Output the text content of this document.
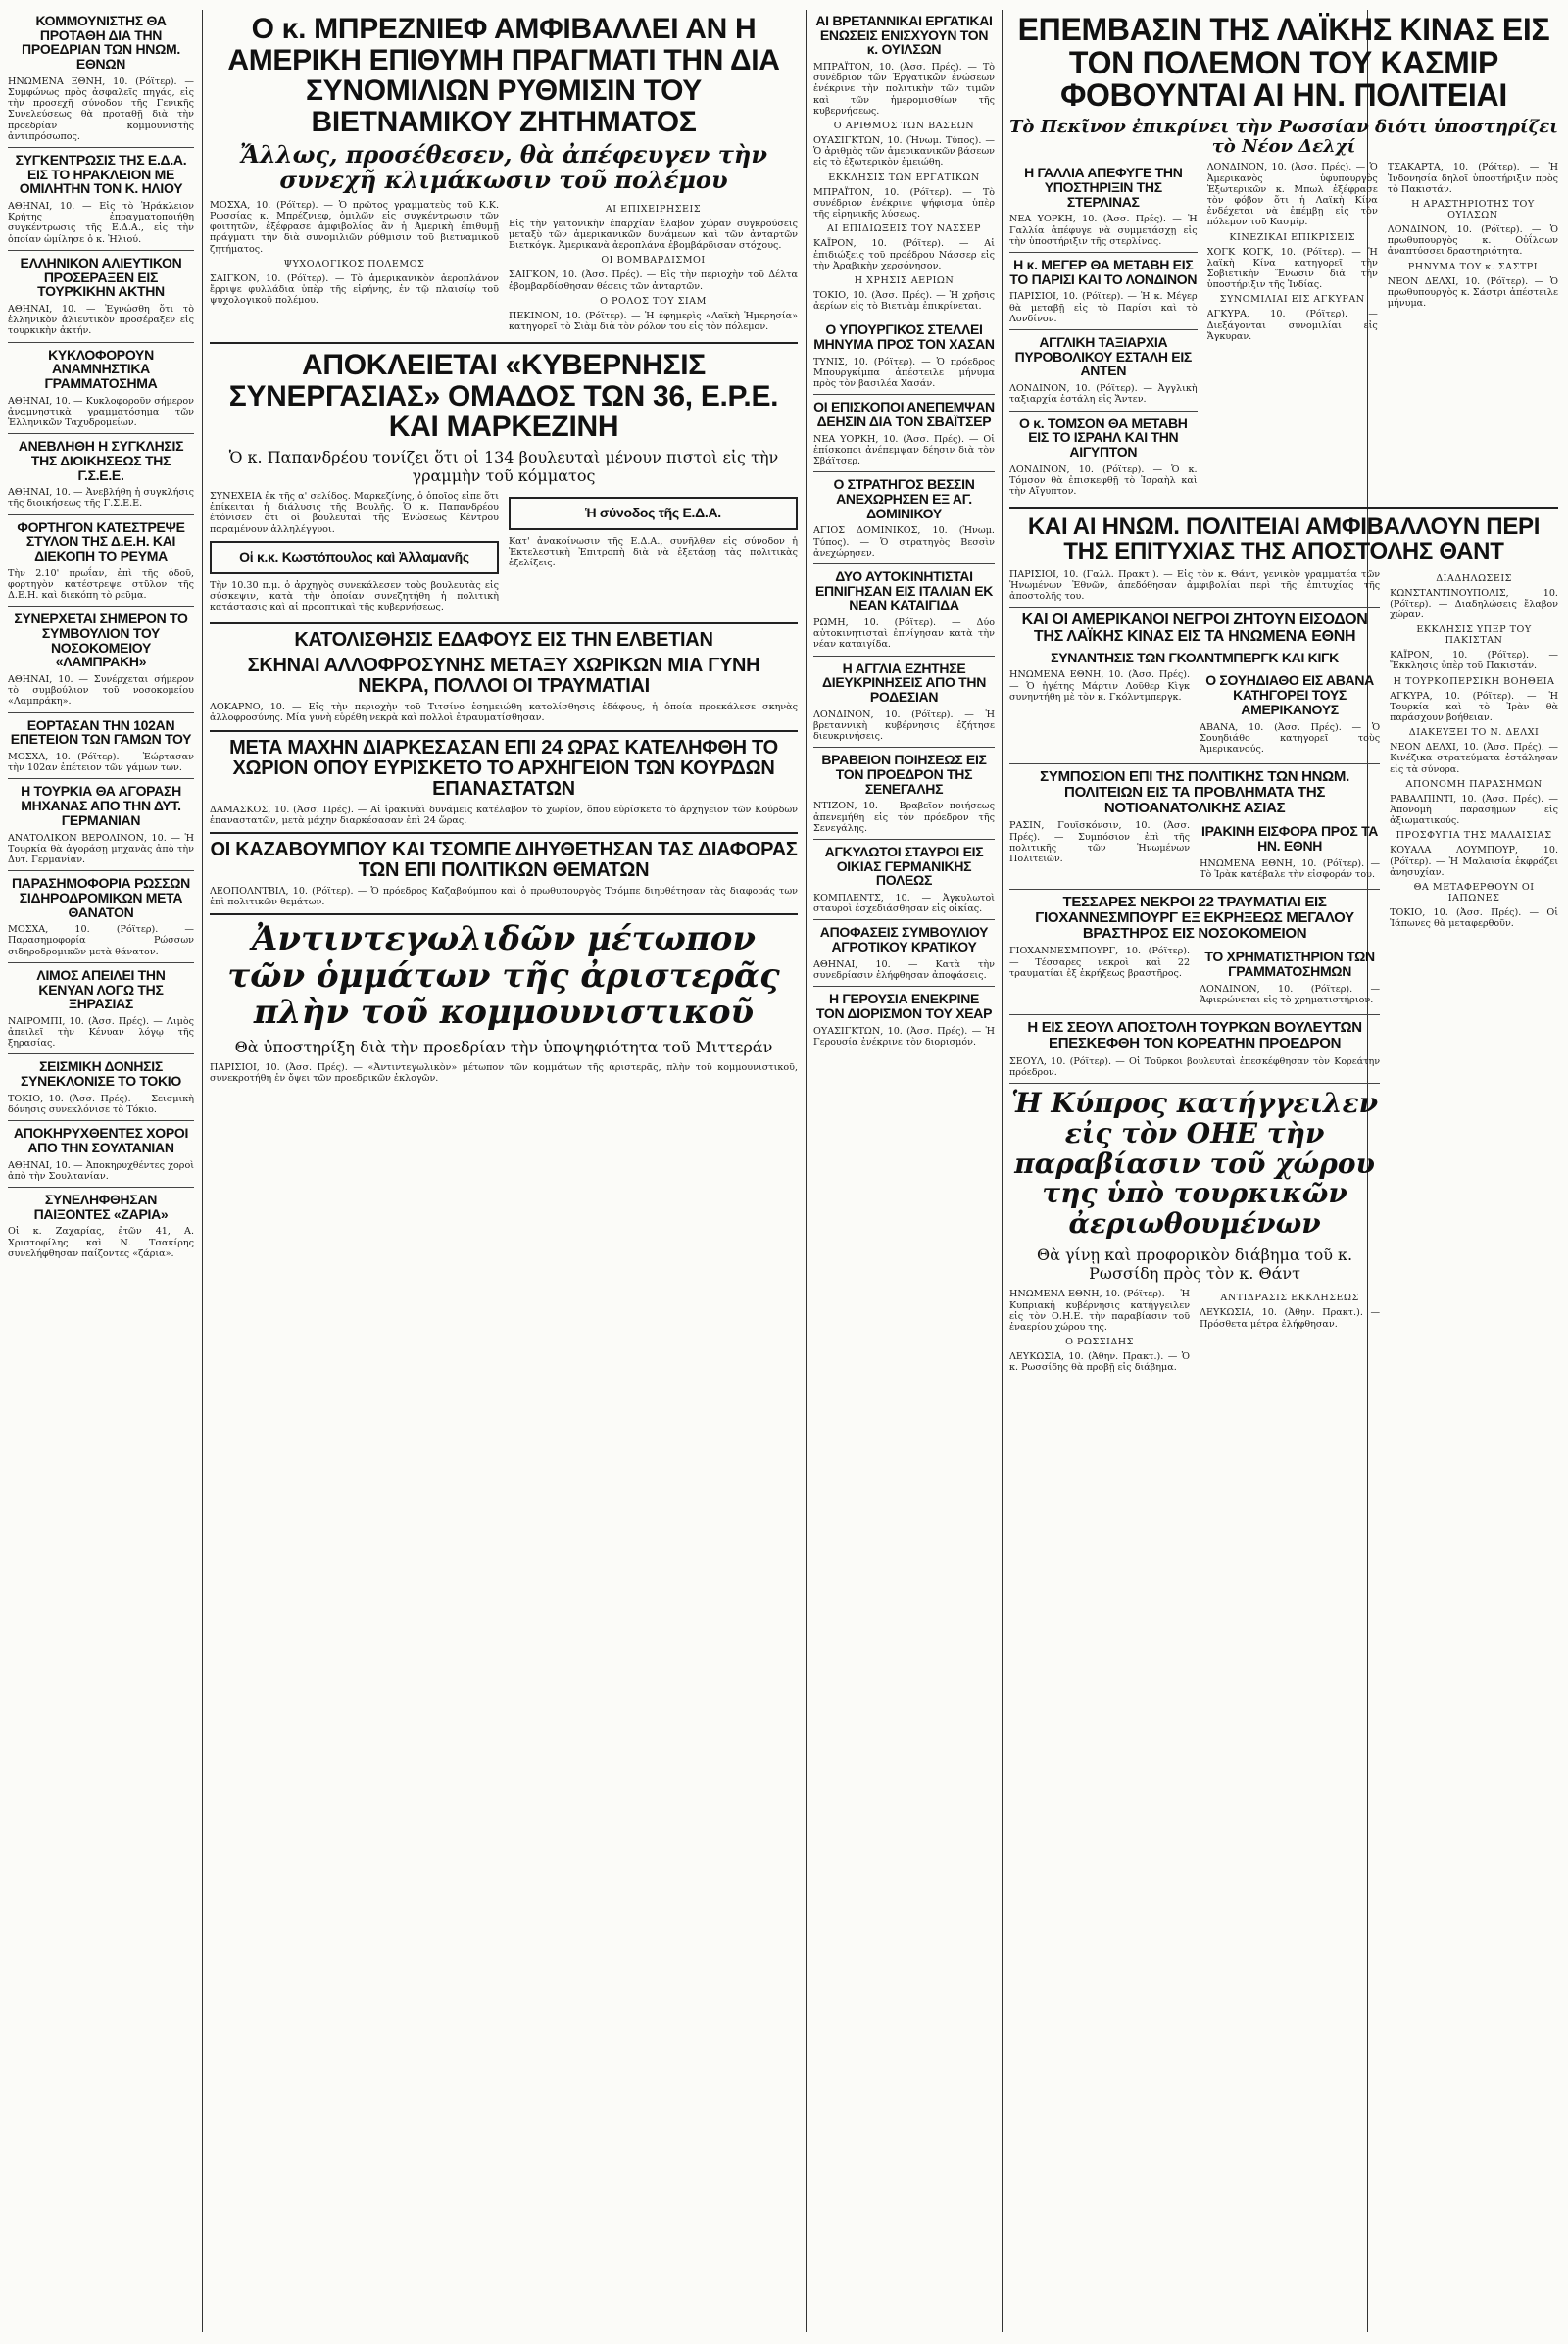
ΚΟΜΜΟΥΝΙΣΤΗΣ ΘΑ ΠΡΟΤΑΘΗ ΔΙΑ ΤΗΝ ΠΡΟΕΔΡΙΑΝ ΤΩΝ ΗΝΩΜ. ΕΘΝΩΝ

ΗΝΩΜΕΝΑ ΕΘΝΗ, 10. (Ρόϊτερ). — Συμφώνως πρὸς ἀσφαλεῖς πηγάς, εἰς τὴν προσεχῆ σύνοδον τῆς Γενικῆς Συνελεύσεως θὰ προταθῇ διὰ τὴν προεδρίαν κομμουνιστὴς ἀντιπρόσωπος.

ΣΥΓΚΕΝΤΡΩΣΙΣ ΤΗΣ Ε.Δ.Α. ΕΙΣ ΤΟ ΗΡΑΚΛΕΙΟΝ ΜΕ ΟΜΙΛΗΤΗΝ ΤΟΝ Κ. ΗΛΙΟΥ

ΑΘΗΝΑΙ, 10. — Εἰς τὸ Ἡράκλειον Κρήτης ἐπραγματοποιήθη συγκέντρωσις τῆς Ε.Δ.Α., εἰς τὴν ὁποίαν ὡμίλησε ὁ κ. Ἠλιού.

ΕΛΛΗΝΙΚΟΝ ΑΛΙΕΥΤΙΚΟΝ ΠΡΟΣΕΡΑΞΕΝ ΕΙΣ ΤΟΥΡΚΙΚΗΝ ΑΚΤΗΝ

ΑΘΗΝΑΙ, 10. — Ἐγνώσθη ὅτι τὸ ἑλληνικὸν ἁλιευτικὸν προσέραξεν εἰς τουρκικὴν ἀκτήν.

ΚΥΚΛΟΦΟΡΟΥΝ ΑΝΑΜΝΗΣΤΙΚΑ ΓΡΑΜΜΑΤΟΣΗΜΑ

ΑΘΗΝΑΙ, 10. — Κυκλοφοροῦν σήμερον ἀναμνηστικὰ γραμματόσημα τῶν Ἑλληνικῶν Ταχυδρομείων.

ΑΝΕΒΛΗΘΗ Η ΣΥΓΚΛΗΣΙΣ ΤΗΣ ΔΙΟΙΚΗΣΕΩΣ ΤΗΣ Γ.Σ.Ε.Ε.

ΑΘΗΝΑΙ, 10. — Ἀνεβλήθη ἡ συγκλήσις τῆς διοικήσεως τῆς Γ.Σ.Ε.Ε.

ΦΟΡΤΗΓΟΝ ΚΑΤΕΣΤΡΕΨΕ ΣΤΥΛΟΝ ΤΗΣ Δ.Ε.Η. ΚΑΙ ΔΙΕΚΟΠΗ ΤΟ ΡΕΥΜΑ

Τὴν 2.10' πρωΐαν, ἐπὶ τῆς ὁδοῦ, φορτηγὸν κατέστρεψε στῦλον τῆς Δ.Ε.Η. καὶ διεκόπη τὸ ρεῦμα.

ΣΥΝΕΡΧΕΤΑΙ ΣΗΜΕΡΟΝ ΤΟ ΣΥΜΒΟΥΛΙΟΝ ΤΟΥ ΝΟΣΟΚΟΜΕΙΟΥ «ΛΑΜΠΡΑΚΗ»

ΑΘΗΝΑΙ, 10. — Συνέρχεται σήμερον τὸ συμβούλιον τοῦ νοσοκομείου «Λαμπράκη».

ΕΟΡΤΑΣΑΝ ΤΗΝ 102ΑΝ ΕΠΕΤΕΙΟΝ ΤΩΝ ΓΑΜΩΝ ΤΟΥ

ΜΟΣΧΑ, 10. (Ρόϊτερ). — Ἑώρτασαν τὴν 102αν ἐπέτειον τῶν γάμων των.

Η ΤΟΥΡΚΙΑ ΘΑ ΑΓΟΡΑΣΗ ΜΗΧΑΝΑΣ ΑΠΟ ΤΗΝ ΔΥΤ. ΓΕΡΜΑΝΙΑΝ

ΑΝΑΤΟΛΙΚΟΝ ΒΕΡΟΛΙΝΟΝ, 10. — Ἡ Τουρκία θὰ ἀγοράσῃ μηχανὰς ἀπὸ τὴν Δυτ. Γερμανίαν.

ΠΑΡΑΣΗΜΟΦΟΡΙΑ ΡΩΣΣΩΝ ΣΙΔΗΡΟΔΡΟΜΙΚΩΝ ΜΕΤΑ ΘΑΝΑΤΟΝ

ΜΟΣΧΑ, 10. (Ρόϊτερ). — Παρασημοφορία Ρώσσων σιδηροδρομικῶν μετὰ θάνατον.

ΛΙΜΟΣ ΑΠΕΙΛΕΙ ΤΗΝ ΚΕΝΥΑΝ ΛΟΓΩ ΤΗΣ ΞΗΡΑΣΙΑΣ

ΝΑΙΡΟΜΠΙ, 10. (Ἀσσ. Πρές). — Λιμὸς ἀπειλεῖ τὴν Κένυαν λόγῳ τῆς ξηρασίας.

ΣΕΙΣΜΙΚΗ ΔΟΝΗΣΙΣ ΣΥΝΕΚΛΟΝΙΣΕ ΤΟ ΤΟΚΙΟ

ΤΟΚΙΟ, 10. (Ἀσσ. Πρές). — Σεισμικὴ δόνησις συνεκλόνισε τὸ Τόκιο.

ΑΠΟΚΗΡΥΧΘΕΝΤΕΣ ΧΟΡΟΙ ΑΠΟ ΤΗΝ ΣΟΥΛΤΑΝΙΑΝ

ΑΘΗΝΑΙ, 10. — Ἀποκηρυχθέντες χοροὶ ἀπὸ τὴν Σουλτανίαν.

ΣΥΝΕΛΗΦΘΗΣΑΝ ΠΑΙΞΟΝΤΕΣ «ΖΑΡΙΑ»

Οἱ κ. Ζαχαρίας, ἐτῶν 41, Α. Χριστοφίλης καὶ Ν. Τσακίρης συνελήφθησαν παίζοντες «ζάρια».

Ο κ. ΜΠΡΕΖΝΙΕΦ ΑΜΦΙΒΑΛΛΕΙ ΑΝ Η ΑΜΕΡΙΚΗ ΕΠΙΘΥΜΗ ΠΡΑΓΜΑΤΙ ΤΗΝ ΔΙΑ ΣΥΝΟΜΙΛΙΩΝ ΡΥΘΜΙΣΙΝ ΤΟΥ ΒΙΕΤΝΑΜΙΚΟΥ ΖΗΤΗΜΑΤΟΣ
Ἄλλως, προσέθεσεν, θὰ ἀπέφευγεν τὴν συνεχῆ κλιμάκωσιν τοῦ πολέμου

ΜΟΣΧΑ, 10. (Ρόϊτερ). — Ὁ πρῶτος γραμματεὺς τοῦ Κ.Κ. Ρωσσίας κ. Μπρέζνιεφ, ὁμιλῶν εἰς συγκέντρωσιν τῶν φοιτητῶν, ἐξέφρασε ἀμφιβολίας ἂν ἡ Ἀμερικὴ ἐπιθυμῇ πράγματι τὴν διὰ συνομιλιῶν ρύθμισιν τοῦ βιετναμικοῦ ζητήματος.

ΨΥΧΟΛΟΓΙΚΟΣ ΠΟΛΕΜΟΣ

ΣΑΙΓΚΟΝ, 10. (Ρόϊτερ). — Τὸ ἀμερικανικὸν ἀεροπλάνον ἔρριψε φυλλάδια ὑπὲρ τῆς εἰρήνης, ἐν τῷ πλαισίῳ τοῦ ψυχολογικοῦ πολέμου.

ΑΙ ΕΠΙΧΕΙΡΗΣΕΙΣ

Εἰς τὴν γειτονικὴν ἐπαρχίαν ἔλαβον χώραν συγκρούσεις μεταξὺ τῶν ἀμερικανικῶν δυνάμεων καὶ τῶν ἀνταρτῶν Βιετκόγκ. Ἀμερικανὰ ἀεροπλάνα ἐβομβάρδισαν στόχους.

ΟΙ ΒΟΜΒΑΡΔΙΣΜΟΙ

ΣΑΙΓΚΟΝ, 10. (Ἀσσ. Πρές). — Εἰς τὴν περιοχὴν τοῦ Δέλτα ἐβομβαρδίσθησαν θέσεις τῶν ἀνταρτῶν.

Ο ΡΟΛΟΣ ΤΟΥ ΣΙΑΜ

ΠΕΚΙΝΟΝ, 10. (Ρόϊτερ). — Ἡ ἐφημερὶς «Λαϊκὴ Ἡμερησία» κατηγορεῖ τὸ Σιὰμ διὰ τὸν ρόλον του εἰς τὸν πόλεμον.

ΑΠΟΚΛΕΙΕΤΑΙ «ΚΥΒΕΡΝΗΣΙΣ ΣΥΝΕΡΓΑΣΙΑΣ» ΟΜΑΔΟΣ ΤΩΝ 36, Ε.Ρ.Ε. ΚΑΙ ΜΑΡΚΕΖΙΝΗ
Ὁ κ. Παπανδρέου τονίζει ὅτι οἱ 134 βουλευταὶ μένουν πιστοὶ εἰς τὴν γραμμὴν τοῦ κόμματος

ΣΥΝΕΧΕΙΑ ἐκ τῆς α' σελίδος. Μαρκεζίνης, ὁ ὁποῖος εἶπε ὅτι ἐπίκειται ἡ διάλυσις τῆς Βουλῆς. Ὁ κ. Παπανδρέου ἐτόνισεν ὅτι οἱ βουλευταὶ τῆς Ἑνώσεως Κέντρου παραμένουν ἀλληλέγγυοι.

Οἱ κ.κ. Κωστόπουλος καὶ Ἀλλαμανῆς

Τὴν 10.30 π.μ. ὁ ἀρχηγὸς συνεκάλεσεν τοὺς βουλευτὰς εἰς σύσκεψιν, κατὰ τὴν ὁποίαν συνεζητήθη ἡ πολιτικὴ κατάστασις καὶ αἱ προοπτικαὶ τῆς κυβερνήσεως.

Ἡ σύνοδος τῆς Ε.Δ.Α.

Κατ' ἀνακοίνωσιν τῆς Ε.Δ.Α., συνῆλθεν εἰς σύνοδον ἡ Ἐκτελεστικὴ Ἐπιτροπὴ διὰ νὰ ἐξετάσῃ τὰς πολιτικὰς ἐξελίξεις.

ΚΑΤΟΛΙΣΘΗΣΙΣ ΕΔΑΦΟΥΣ ΕΙΣ ΤΗΝ ΕΛΒΕΤΙΑΝ
ΣΚΗΝΑΙ ΑΛΛΟΦΡΟΣΥΝΗΣ ΜΕΤΑΞΥ ΧΩΡΙΚΩΝ ΜΙΑ ΓΥΝΗ ΝΕΚΡΑ, ΠΟΛΛΟΙ ΟΙ ΤΡΑΥΜΑΤΙΑΙ

ΛΟΚΑΡΝΟ, 10. — Εἰς τὴν περιοχὴν τοῦ Τιτσίνο ἐσημειώθη κατολίσθησις ἐδάφους, ἡ ὁποία προεκάλεσε σκηνὰς ἀλλοφροσύνης. Μία γυνὴ εὑρέθη νεκρὰ καὶ πολλοὶ ἐτραυματίσθησαν.

ΜΕΤΑ ΜΑΧΗΝ ΔΙΑΡΚΕΣΑΣΑΝ ΕΠΙ 24 ΩΡΑΣ ΚΑΤΕΛΗΦΘΗ ΤΟ ΧΩΡΙΟΝ ΟΠΟΥ ΕΥΡΙΣΚΕΤΟ ΤΟ ΑΡΧΗΓΕΙΟΝ ΤΩΝ ΚΟΥΡΔΩΝ ΕΠΑΝΑΣΤΑΤΩΝ

ΔΑΜΑΣΚΟΣ, 10. (Ἀσσ. Πρές). — Αἱ ἰρακινὰὶ δυνάμεις κατέλαβον τὸ χωρίον, ὅπου εὑρίσκετο τὸ ἀρχηγεῖον τῶν Κούρδων ἐπαναστατῶν, μετὰ μάχην διαρκέσασαν ἐπὶ 24 ὥρας.

ΟΙ ΚΑΖΑΒΟΥΜΠΟΥ ΚΑΙ ΤΣΟΜΠΕ ΔΙΗΥΘΕΤΗΣΑΝ ΤΑΣ ΔΙΑΦΟΡΑΣ ΤΩΝ ΕΠΙ ΠΟΛΙΤΙΚΩΝ ΘΕΜΑΤΩΝ

ΛΕΟΠΟΛΝΤΒΙΛ, 10. (Ρόϊτερ). — Ὁ πρόεδρος Καζαβούμπου καὶ ὁ πρωθυπουργὸς Τσόμπε διηυθέτησαν τὰς διαφοράς των ἐπὶ πολιτικῶν θεμάτων.

Ἀντιντεγωλιδῶν μέτωπον τῶν ὁμμάτων τῆς ἀριστερᾶς πλὴν τοῦ κομμουνιστικοῦ
Θὰ ὑποστηρίξη διὰ τὴν προεδρίαν τὴν ὑποψηφιότητα τοῦ Μιττεράν

ΠΑΡΙΣΙΟΙ, 10. (Ἀσσ. Πρές). — «Ἀντιντεγωλικὸν» μέτωπον τῶν κομμάτων τῆς ἀριστερᾶς, πλὴν τοῦ κομμουνιστικοῦ, συνεκροτήθη ἐν ὄψει τῶν προεδρικῶν ἐκλογῶν.

ΑΙ ΒΡΕΤΑΝΝΙΚΑΙ ΕΡΓΑΤΙΚΑΙ ΕΝΩΣΕΙΣ ΕΝΙΣΧΥΟΥΝ ΤΟΝ κ. ΟΥΙΛΣΩΝ

ΜΠΡΑΪΤΟΝ, 10. (Ἀσσ. Πρές). — Τὸ συνέδριον τῶν Ἐργατικῶν ἑνώσεων ἐνέκρινε τὴν πολιτικὴν τῶν τιμῶν καὶ τῶν ἡμερομισθίων τῆς κυβερνήσεως.

Ο ΑΡΙΘΜΟΣ ΤΩΝ ΒΑΣΕΩΝ

ΟΥΑΣΙΓΚΤΩΝ, 10. (Ἠνωμ. Τύπος). — Ὁ ἀριθμὸς τῶν ἀμερικανικῶν βάσεων εἰς τὸ ἐξωτερικὸν ἐμειώθη.

ΕΚΚΛΗΣΙΣ ΤΩΝ ΕΡΓΑΤΙΚΩΝ

ΜΠΡΑΪΤΟΝ, 10. (Ρόϊτερ). — Τὸ συνέδριον ἐνέκρινε ψήφισμα ὑπὲρ τῆς εἰρηνικῆς λύσεως.

ΑΙ ΕΠΙΔΙΩΞΕΙΣ ΤΟΥ ΝΑΣΣΕΡ

ΚΑΪΡΟΝ, 10. (Ρόϊτερ). — Αἱ ἐπιδιώξεις τοῦ προέδρου Νάσσερ εἰς τὴν Ἀραβικὴν χερσόνησον.

Η ΧΡΗΣΙΣ ΑΕΡΙΩΝ

ΤΟΚΙΟ, 10. (Ἀσσ. Πρές). — Ἡ χρῆσις ἀερίων εἰς τὸ Βιετνὰμ ἐπικρίνεται.

Ο ΥΠΟΥΡΓΙΚΟΣ ΣΤΕΛΛΕΙ ΜΗΝΥΜΑ ΠΡΟΣ ΤΟΝ ΧΑΣΑΝ

ΤΥΝΙΣ, 10. (Ρόϊτερ). — Ὁ πρόεδρος Μπουργκίμπα ἀπέστειλε μήνυμα πρὸς τὸν βασιλέα Χασάν.

ΟΙ ΕΠΙΣΚΟΠΟΙ ΑΝΕΠΕΜΨΑΝ ΔΕΗΣΙΝ ΔΙΑ ΤΟΝ ΣΒΑΪΤΣΕΡ

ΝΕΑ ΥΟΡΚΗ, 10. (Ἀσσ. Πρές). — Οἱ ἐπίσκοποι ἀνέπεμψαν δέησιν διὰ τὸν Σβάϊτσερ.

Ο ΣΤΡΑΤΗΓΟΣ ΒΕΣΣΙΝ ΑΝΕΧΩΡΗΣΕΝ ΕΞ ΑΓ. ΔΟΜΙΝΙΚΟΥ

ΑΓΙΟΣ ΔΟΜΙΝΙΚΟΣ, 10. (Ἠνωμ. Τύπος). — Ὁ στρατηγὸς Βεσσὶν ἀνεχώρησεν.

ΔΥΟ ΑΥΤΟΚΙΝΗΤΙΣΤΑΙ ΕΠΝΙΓΗΣΑΝ ΕΙΣ ΙΤΑΛΙΑΝ ΕΚ ΝΕΑΝ ΚΑΤΑΙΓΙΔΑ

ΡΩΜΗ, 10. (Ρόϊτερ). — Δύο αὐτοκινητισταὶ ἐπνίγησαν κατὰ τὴν νέαν καταιγίδα.

Η ΑΓΓΛΙΑ ΕΖΗΤΗΣΕ ΔΙΕΥΚΡΙΝΗΣΕΙΣ ΑΠΟ ΤΗΝ ΡΟΔΕΣΙΑΝ

ΛΟΝΔΙΝΟΝ, 10. (Ρόϊτερ). — Ἡ βρεταννικὴ κυβέρνησις ἐζήτησε διευκρινήσεις.

ΒΡΑΒΕΙΟΝ ΠΟΙΗΣΕΩΣ ΕΙΣ ΤΟΝ ΠΡΟΕΔΡΟΝ ΤΗΣ ΣΕΝΕΓΑΛΗΣ

ΝΤΙΖΟΝ, 10. — Βραβεῖον ποιήσεως ἀπενεμήθη εἰς τὸν πρόεδρον τῆς Σενεγάλης.

ΑΓΚΥΛΩΤΟΙ ΣΤΑΥΡΟΙ ΕΙΣ ΟΙΚΙΑΣ ΓΕΡΜΑΝΙΚΗΣ ΠΟΛΕΩΣ

ΚΟΜΠΛΕΝΤΣ, 10. — Ἀγκυλωτοὶ σταυροὶ ἐσχεδιάσθησαν εἰς οἰκίας.

ΑΠΟΦΑΣΕΙΣ ΣΥΜΒΟΥΛΙΟΥ ΑΓΡΟΤΙΚΟΥ ΚΡΑΤΙΚΟΥ

ΑΘΗΝΑΙ, 10. — Κατὰ τὴν συνεδρίασιν ἐλήφθησαν ἀποφάσεις.

Η ΓΕΡΟΥΣΙΑ ΕΝΕΚΡΙΝΕ ΤΟΝ ΔΙΟΡΙΣΜΟΝ ΤΟΥ ΧΕΑΡ

ΟΥΑΣΙΓΚΤΩΝ, 10. (Ἀσσ. Πρές). — Ἡ Γερουσία ἐνέκρινε τὸν διορισμόν.

ΕΠΕΜΒΑΣΙΝ ΤΗΣ ΛΑΪΚΗΣ ΚΙΝΑΣ ΕΙΣ ΤΟΝ ΠΟΛΕΜΟΝ ΤΟΥ ΚΑΣΜΙΡ ΦΟΒΟΥΝΤΑΙ ΑΙ ΗΝ. ΠΟΛΙΤΕΙΑΙ
Τὸ Πεκῖνον ἐπικρίνει τὴν Ρωσσίαν διότι ὑποστηρίζει τὸ Νέον Δελχί
Η ΓΑΛΛΙΑ ΑΠΕΦΥΓΕ ΤΗΝ ΥΠΟΣΤΗΡΙΞΙΝ ΤΗΣ ΣΤΕΡΛΙΝΑΣ

ΝΕΑ ΥΟΡΚΗ, 10. (Ἀσσ. Πρές). — Ἡ Γαλλία ἀπέφυγε νὰ συμμετάσχῃ εἰς τὴν ὑποστήριξιν τῆς στερλίνας.

Η κ. ΜΕΓΕΡ ΘΑ ΜΕΤΑΒΗ ΕΙΣ ΤΟ ΠΑΡΙΣΙ ΚΑΙ ΤΟ ΛΟΝΔΙΝΟΝ

ΠΑΡΙΣΙΟΙ, 10. (Ρόϊτερ). — Ἡ κ. Μέγερ θὰ μεταβῇ εἰς τὸ Παρίσι καὶ τὸ Λονδίνον.

ΑΓΓΛΙΚΗ ΤΑΞΙΑΡΧΙΑ ΠΥΡΟΒΟΛΙΚΟΥ ΕΣΤΑΛΗ ΕΙΣ ΑΝΤΕΝ

ΛΟΝΔΙΝΟΝ, 10. (Ρόϊτερ). — Ἀγγλικὴ ταξιαρχία ἐστάλη εἰς Ἄντεν.

Ο κ. ΤΟΜΣΟΝ ΘΑ ΜΕΤΑΒΗ ΕΙΣ ΤΟ ΙΣΡΑΗΛ ΚΑΙ ΤΗΝ ΑΙΓΥΠΤΟΝ

ΛΟΝΔΙΝΟΝ, 10. (Ρόϊτερ). — Ὁ κ. Τόμσον θὰ ἐπισκεφθῇ τὸ Ἰσραὴλ καὶ τὴν Αἴγυπτον.

ΛΟΝΔΙΝΟΝ, 10. (Ἀσσ. Πρές). — Ὁ Ἀμερικανὸς ὑφυπουργὸς Ἐξωτερικῶν κ. Μπωλ ἐξέφρασε τὸν φόβον ὅτι ἡ Λαϊκὴ Κίνα ἐνδέχεται νὰ ἐπέμβῃ εἰς τὸν πόλεμον τοῦ Κασμίρ.

ΚΙΝΕΖΙΚΑΙ ΕΠΙΚΡΙΣΕΙΣ

ΧΟΓΚ ΚΟΓΚ, 10. (Ρόϊτερ). — Ἡ λαϊκὴ Κίνα κατηγορεῖ τὴν Σοβιετικὴν Ἕνωσιν διὰ τὴν ὑποστήριξιν τῆς Ἰνδίας.

ΣΥΝΟΜΙΛΙΑΙ ΕΙΣ ΑΓΚΥΡΑΝ

ΑΓΚΥΡΑ, 10. (Ρόϊτερ). — Διεξάγονται συνομιλίαι εἰς Ἄγκυραν.

ΤΣΑΚΑΡΤΑ, 10. (Ρόϊτερ). — Ἡ Ἰνδονησία δηλοῖ ὑποστήριξιν πρὸς τὸ Πακιστάν.

Η ΑΡΑΣΤΗΡΙΟΤΗΣ ΤΟΥ ΟΥΙΛΣΩΝ

ΛΟΝΔΙΝΟΝ, 10. (Ρόϊτερ). — Ὁ πρωθυπουργὸς κ. Οὐΐλσων ἀναπτύσσει δραστηριότητα.

ΡΗΝΥΜΑ ΤΟΥ κ. ΣΑΣΤΡΙ

ΝΕΟΝ ΔΕΛΧΙ, 10. (Ρόϊτερ). — Ὁ πρωθυπουργὸς κ. Σάστρι ἀπέστειλε μήνυμα.

ΚΑΙ ΑΙ ΗΝΩΜ. ΠΟΛΙΤΕΙΑΙ ΑΜΦΙΒΑΛΛΟΥΝ ΠΕΡΙ ΤΗΣ ΕΠΙΤΥΧΙΑΣ ΤΗΣ ΑΠΟΣΤΟΛΗΣ ΘΑΝΤ

ΠΑΡΙΣΙΟΙ, 10. (Γαλλ. Πρακτ.). — Εἰς τὸν κ. Θάντ, γενικὸν γραμματέα τῶν Ἡνωμένων Ἐθνῶν, ἀπεδόθησαν ἀμφιβολίαι περὶ τῆς ἐπιτυχίας τῆς ἀποστολῆς του.

ΚΑΙ ΟΙ ΑΜΕΡΙΚΑΝΟΙ ΝΕΓΡΟΙ ΖΗΤΟΥΝ ΕΙΣΟΔΟΝ ΤΗΣ ΛΑΪΚΗΣ ΚΙΝΑΣ ΕΙΣ ΤΑ ΗΝΩΜΕΝΑ ΕΘΝΗ
ΣΥΝΑΝΤΗΣΙΣ ΤΩΝ ΓΚΟΛΝΤΜΠΕΡΓΚ ΚΑΙ ΚΙΓΚ

ΗΝΩΜΕΝΑ ΕΘΝΗ, 10. (Ἀσσ. Πρές). — Ὁ ἡγέτης Μάρτιν Λοῦθερ Κὶγκ συνηντήθη μὲ τὸν κ. Γκόλντμπεργκ.

Ο ΣΟΥΗΔΙΑΘΟ ΕΙΣ ΑΒΑΝΑ ΚΑΤΗΓΟΡΕΙ ΤΟΥΣ ΑΜΕΡΙΚΑΝΟΥΣ

ΑΒΑΝΑ, 10. (Ἀσσ. Πρές). — Ὁ Σουηδιάθο κατηγορεῖ τοὺς Ἀμερικανούς.

ΣΥΜΠΟΣΙΟΝ ΕΠΙ ΤΗΣ ΠΟΛΙΤΙΚΗΣ ΤΩΝ ΗΝΩΜ. ΠΟΛΙΤΕΙΩΝ ΕΙΣ ΤΑ ΠΡΟΒΛΗΜΑΤΑ ΤΗΣ ΝΟΤΙΟΑΝΑΤΟΛΙΚΗΣ ΑΣΙΑΣ

ΡΑΣΙΝ, Γουϊσκόνσιν, 10. (Ἀσσ. Πρές). — Συμπόσιον ἐπὶ τῆς πολιτικῆς τῶν Ἡνωμένων Πολιτειῶν.

ΙΡΑΚΙΝΗ ΕΙΣΦΟΡΑ ΠΡΟΣ ΤΑ ΗΝ. ΕΘΝΗ

ΗΝΩΜΕΝΑ ΕΘΝΗ, 10. (Ρόϊτερ). — Τὸ Ἰρὰκ κατέβαλε τὴν εἰσφοράν του.

ΤΕΣΣΑΡΕΣ ΝΕΚΡΟΙ 22 ΤΡΑΥΜΑΤΙΑΙ ΕΙΣ ΓΙΟΧΑΝΝΕΣΜΠΟΥΡΓ ΕΞ ΕΚΡΗΞΕΩΣ ΜΕΓΑΛΟΥ ΒΡΑΣΤΗΡΟΣ ΕΙΣ ΝΟΣΟΚΟΜΕΙΟΝ

ΓΙΟΧΑΝΝΕΣΜΠΟΥΡΓ, 10. (Ρόϊτερ). — Τέσσαρες νεκροὶ καὶ 22 τραυματίαι ἐξ ἐκρήξεως βραστῆρος.

ΤΟ ΧΡΗΜΑΤΙΣΤΗΡΙΟΝ ΤΩΝ ΓΡΑΜΜΑΤΟΣΗΜΩΝ

ΛΟΝΔΙΝΟΝ, 10. (Ρόϊτερ). — Ἀφιερώνεται εἰς τὸ χρηματιστήριον.

Η ΕΙΣ ΣΕΟΥΛ ΑΠΟΣΤΟΛΗ ΤΟΥΡΚΩΝ ΒΟΥΛΕΥΤΩΝ ΕΠΕΣΚΕΦΘΗ ΤΟΝ ΚΟΡΕΑΤΗΝ ΠΡΟΕΔΡΟΝ

ΣΕΟΥΛ, 10. (Ρόϊτερ). — Οἱ Τοῦρκοι βουλευταὶ ἐπεσκέφθησαν τὸν Κορεάτην πρόεδρον.

Ἡ Κύπρος κατήγγειλεν εἰς τὸν ΟΗΕ τὴν παραβίασιν τοῦ χώρου της ὑπὸ τουρκικῶν ἀεριωθουμένων
Θὰ γίνῃ καὶ προφορικὸν διάβημα τοῦ κ. Ρωσσίδη πρὸς τὸν κ. Θάντ

ΗΝΩΜΕΝΑ ΕΘΝΗ, 10. (Ρόϊτερ). — Ἡ Κυπριακὴ κυβέρνησις κατήγγειλεν εἰς τὸν Ο.Η.Ε. τὴν παραβίασιν τοῦ ἐναερίου χώρου της.

Ο ΡΩΣΣΙΔΗΣ

ΛΕΥΚΩΣΙΑ, 10. (Ἀθην. Πρακτ.). — Ὁ κ. Ρωσσίδης θὰ προβῇ εἰς διάβημα.

ΑΝΤΙΔΡΑΣΙΣ ΕΚΚΛΗΣΕΩΣ

ΛΕΥΚΩΣΙΑ, 10. (Ἀθην. Πρακτ.). — Πρόσθετα μέτρα ἐλήφθησαν.

ΔΙΑΔΗΛΩΣΕΙΣ

ΚΩΝΣΤΑΝΤΙΝΟΥΠΟΛΙΣ, 10. (Ρόϊτερ). — Διαδηλώσεις ἔλαβον χώραν.

ΕΚΚΛΗΣΙΣ ΥΠΕΡ ΤΟΥ ΠΑΚΙΣΤΑΝ

ΚΑΪΡΟΝ, 10. (Ρόϊτερ). — Ἔκκλησις ὑπὲρ τοῦ Πακιστάν.

Η ΤΟΥΡΚΟΠΕΡΣΙΚΗ ΒΟΗΘΕΙΑ

ΑΓΚΥΡΑ, 10. (Ρόϊτερ). — Ἡ Τουρκία καὶ τὸ Ἰρὰν θὰ παράσχουν βοήθειαν.

ΔΙΑΚΕΥΞΕΙ ΤΟ Ν. ΔΕΛΧΙ

ΝΕΟΝ ΔΕΛΧΙ, 10. (Ἀσσ. Πρές). — Κινέζικα στρατεύματα ἐστάλησαν εἰς τὰ σύνορα.

ΑΠΟΝΟΜΗ ΠΑΡΑΣΗΜΩΝ

ΡΑΒΑΛΠΙΝΤΙ, 10. (Ἀσσ. Πρές). — Ἀπονομὴ παρασήμων εἰς ἀξιωματικούς.

ΠΡΟΣΦΥΓΙΑ ΤΗΣ ΜΑΛΑΙΣΙΑΣ

ΚΟΥΑΛΑ ΛΟΥΜΠΟΥΡ, 10. (Ρόϊτερ). — Ἡ Μαλαισία ἐκφράζει ἀνησυχίαν.

ΘΑ ΜΕΤΑΦΕΡΘΟΥΝ ΟΙ ΙΑΠΩΝΕΣ

ΤΟΚΙΟ, 10. (Ἀσσ. Πρές). — Οἱ Ἰάπωνες θὰ μεταφερθοῦν.
